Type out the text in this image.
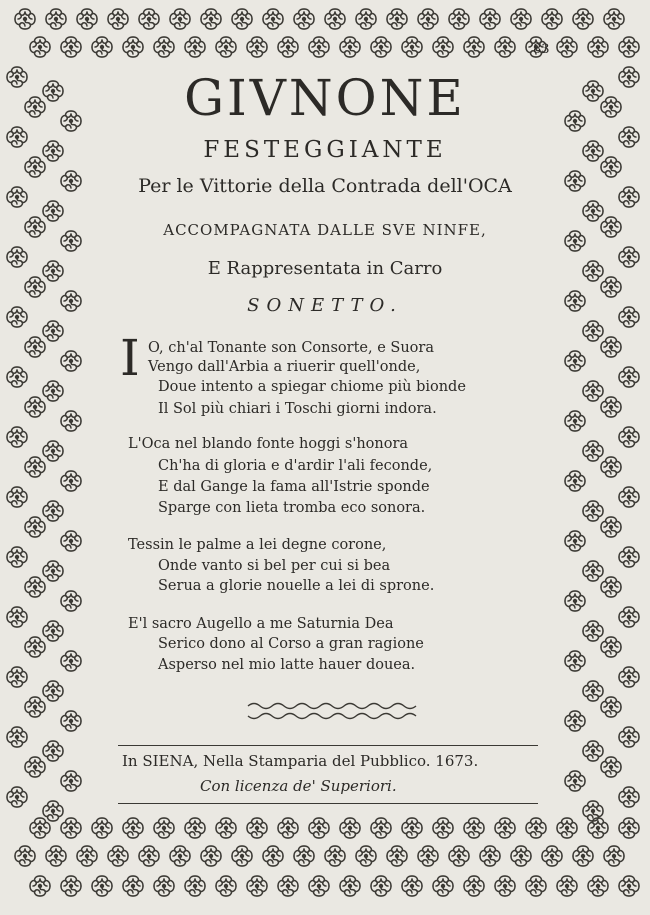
83
GIVNONE
FESTEGGIANTE
Per le Vittorie della Contrada dell'OCA
ACCOMPAGNATA DALLE SVE NINFE,
E Rappresentata in Carro
SONETTO.
I O, ch'al Tonante son Consorte, e Suora
Vengo dall'Arbia a riuerir quell'onde,
Doue intento a spiegar chiome più bionde
Il Sol più chiari i Toschi giorni indora.
L'Oca nel blando fonte hoggi s'honora
Ch'ha di gloria e d'ardir l'ali feconde,
E dal Gange la fama all'Istrie sponde
Sparge con lieta tromba eco sonora.
Tessin le palme a lei degne corone,
Onde vanto si bel per cui si bea
Serua a glorie nouelle a lei di sprone.
E'l sacro Augello a me Saturnia Dea
Serico dono al Corso a gran ragione
Asperso nel mio latte hauer douea.
In SIENA, Nella Stamparia del Pubblico. 1673.
Con licenza de' Superiori.
